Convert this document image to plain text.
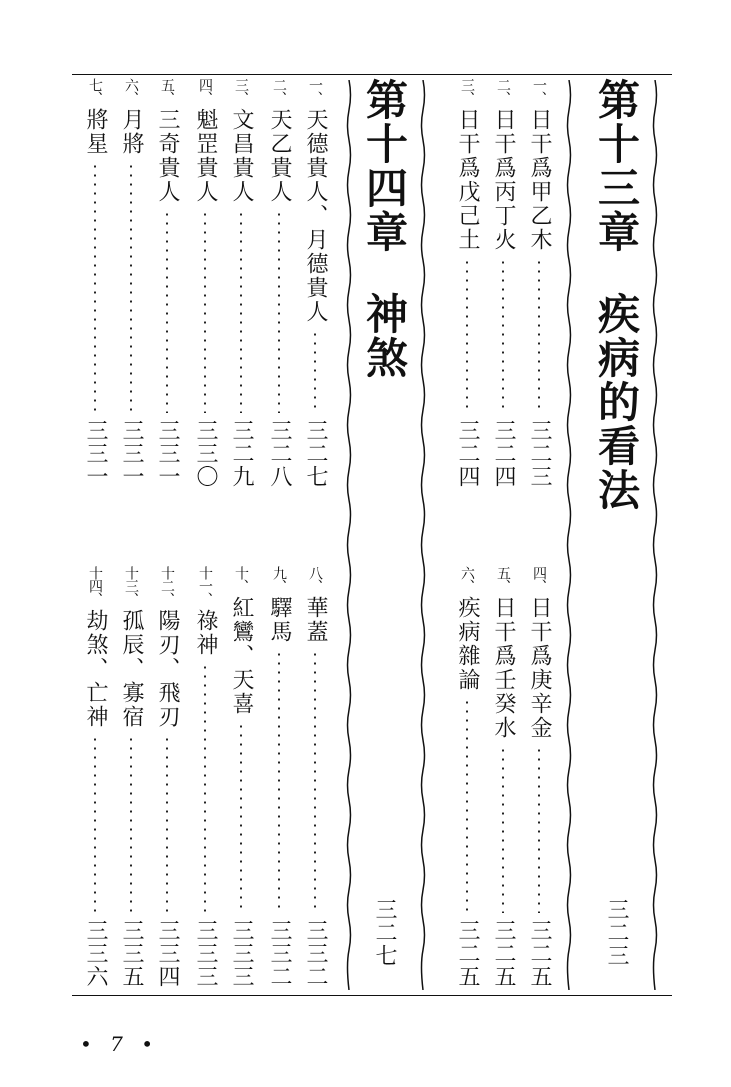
第十三章
疾病的看法
三二三
一、
日干爲甲乙木
三二三
二、
日干爲丙丁火
三二四
三、
日干爲戊己土
三二四
四、
日干爲庚辛金
三二五
五、
日干爲壬癸水
三二五
六、
疾病雜論
三二五
第十四章
神煞
三二七
一、
天德貴人、月德貴人
三二七
二、
天乙貴人
三二八
三、
文昌貴人
三二九
四、
魁罡貴人
三三〇
五、
三奇貴人
三三一
六、
月將
三三一
七、
將星
三三一
八、
華蓋
三三二
九、
驛馬
三三二
十、
紅鸞、天喜
三三三
十一、
祿神
三三三
十二、
陽刃、飛刃
三三四
十三、
孤辰、寡宿
三三五
十四、
劫煞、亡神
三三六
• 7 •
